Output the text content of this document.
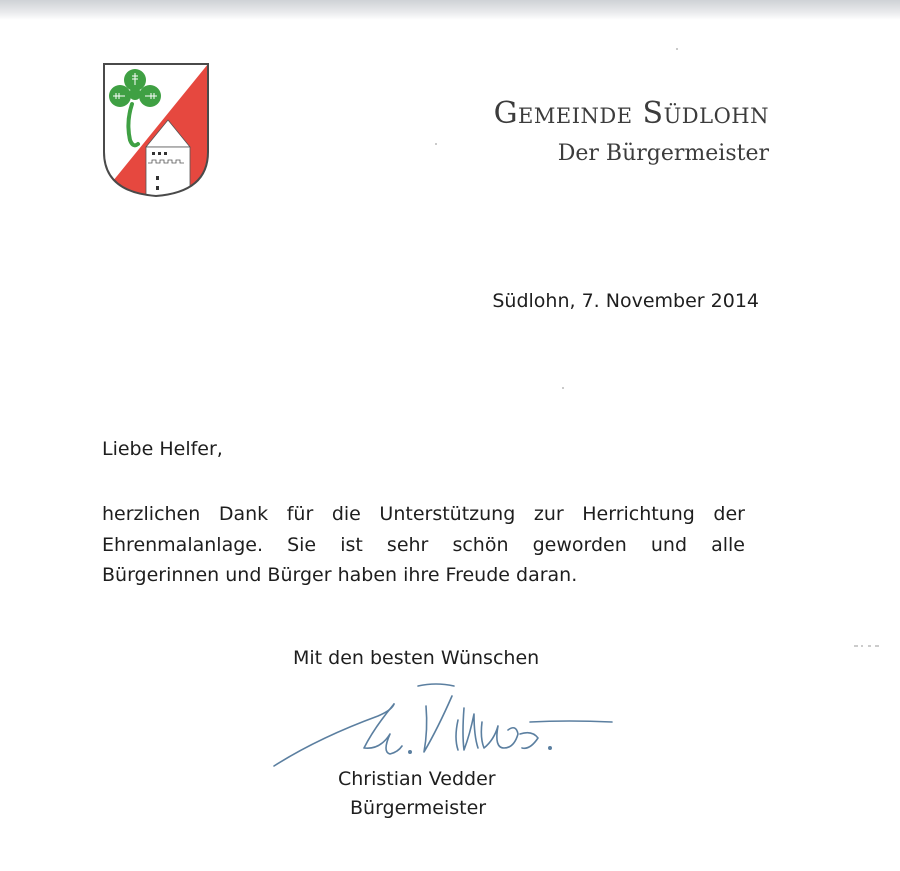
Gemeinde Südlohn
Der Bürgermeister
Südlohn, 7. November 2014
Liebe Helfer,
herzlichen Dank für die Unterstützung zur Herrichtung der
Ehrenmalanlage. Sie ist sehr schön geworden und alle
Bürgerinnen und Bürger haben ihre Freude daran.
Mit den besten Wünschen
Christian Vedder
Bürgermeister
